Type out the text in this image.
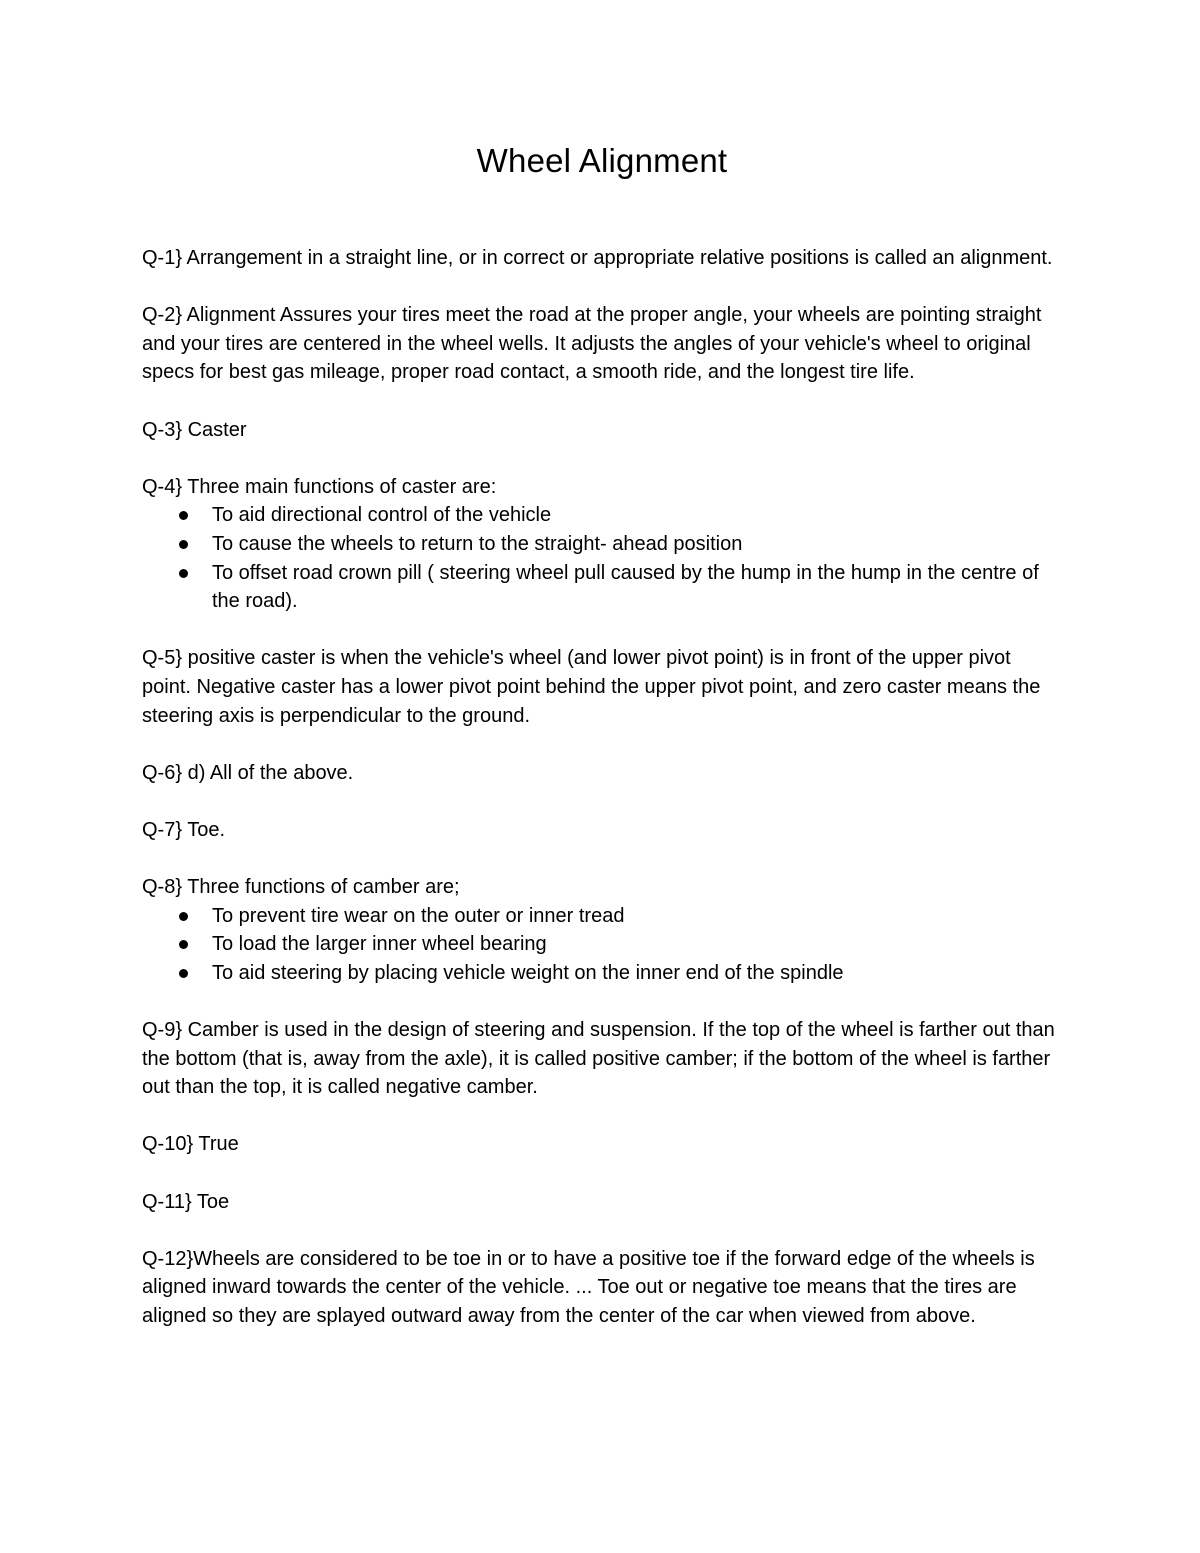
Wheel Alignment

Q-1} Arrangement in a straight line, or in correct or appropriate relative positions is called an alignment.

Q-2} Alignment Assures your tires meet the road at the proper angle, your wheels are pointing straight and your tires are centered in the wheel wells. It adjusts the angles of your vehicle's wheel to original specs for best gas mileage, proper road contact, a smooth ride, and the longest tire life.

Q-3} Caster

Q-4} Three main functions of caster are:

To aid directional control of the vehicle
To cause the wheels to return to the straight- ahead position
To offset road crown pill ( steering wheel pull caused by the hump in the hump in the centre of the road).

Q-5} positive caster is when the vehicle's wheel (and lower pivot point) is in front of the upper pivot point. Negative caster has a lower pivot point behind the upper pivot point, and zero caster means the steering axis is perpendicular to the ground.

Q-6} d) All of the above.

Q-7} Toe.

Q-8} Three functions of camber are;

To prevent tire wear on the outer or inner tread
To load the larger inner wheel bearing
To aid steering by placing vehicle weight on the inner end of the spindle

Q-9} Camber is used in the design of steering and suspension. If the top of the wheel is farther out than the bottom (that is, away from the axle), it is called positive camber; if the bottom of the wheel is farther out than the top, it is called negative camber.

Q-10} True

Q-11} Toe

Q-12}Wheels are considered to be toe in or to have a positive toe if the forward edge of the wheels is aligned inward towards the center of the vehicle. ... Toe out or negative toe means that the tires are aligned so they are splayed outward away from the center of the car when viewed from above.
